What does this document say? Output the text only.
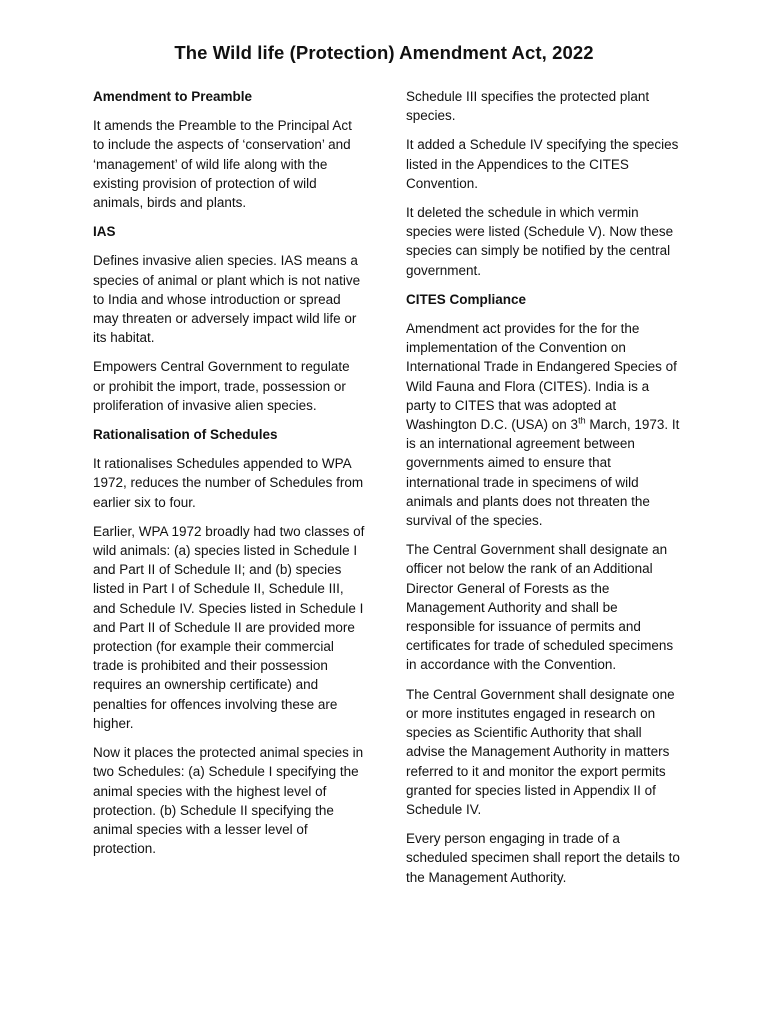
The Wild life (Protection) Amendment Act, 2022
Amendment to Preamble

It amends the Preamble to the Principal Act to include the aspects of ‘conservation’ and ‘management’ of wild life along with the existing provision of protection of wild animals, birds and plants.

IAS

Defines invasive alien species. IAS means a species of animal or plant which is not native to India and whose introduction or spread may threaten or adversely impact wild life or its habitat.

Empowers Central Government to regulate or prohibit the import, trade, possession or proliferation of invasive alien species.

Rationalisation of Schedules

It rationalises Schedules appended to WPA 1972, reduces the number of Schedules from earlier six to four.

Earlier, WPA 1972 broadly had two classes of wild animals: (a) species listed in Schedule I and Part II of Schedule II; and (b) species listed in Part I of Schedule II, Schedule III, and Schedule IV. Species listed in Schedule I and Part II of Schedule II are provided more protection (for example their commercial trade is prohibited and their possession requires an ownership certificate) and penalties for offences involving these are higher.

Now it places the protected animal species in two Schedules: (a) Schedule I specifying the animal species with the highest level of protection. (b) Schedule II specifying the animal species with a lesser level of protection.

Schedule III specifies the protected plant species.

It added a Schedule IV specifying the species listed in the Appendices to the CITES Convention.

It deleted the schedule in which vermin species were listed (Schedule V). Now these species can simply be notified by the central government.

CITES Compliance

Amendment act provides for the for the implementation of the Convention on International Trade in Endangered Species of Wild Fauna and Flora (CITES). India is a party to CITES that was adopted at Washington D.C. (USA) on 3th March, 1973. It is an international agreement between governments aimed to ensure that international trade in specimens of wild animals and plants does not threaten the survival of the species.

The Central Government shall designate an officer not below the rank of an Additional Director General of Forests as the Management Authority and shall be responsible for issuance of permits and certificates for trade of scheduled specimens in accordance with the Convention.

The Central Government shall designate one or more institutes engaged in research on species as Scientific Authority that shall advise the Management Authority in matters referred to it and monitor the export permits granted for species listed in Appendix II of Schedule IV.

Every person engaging in trade of a scheduled specimen shall report the details to the Management Authority.
